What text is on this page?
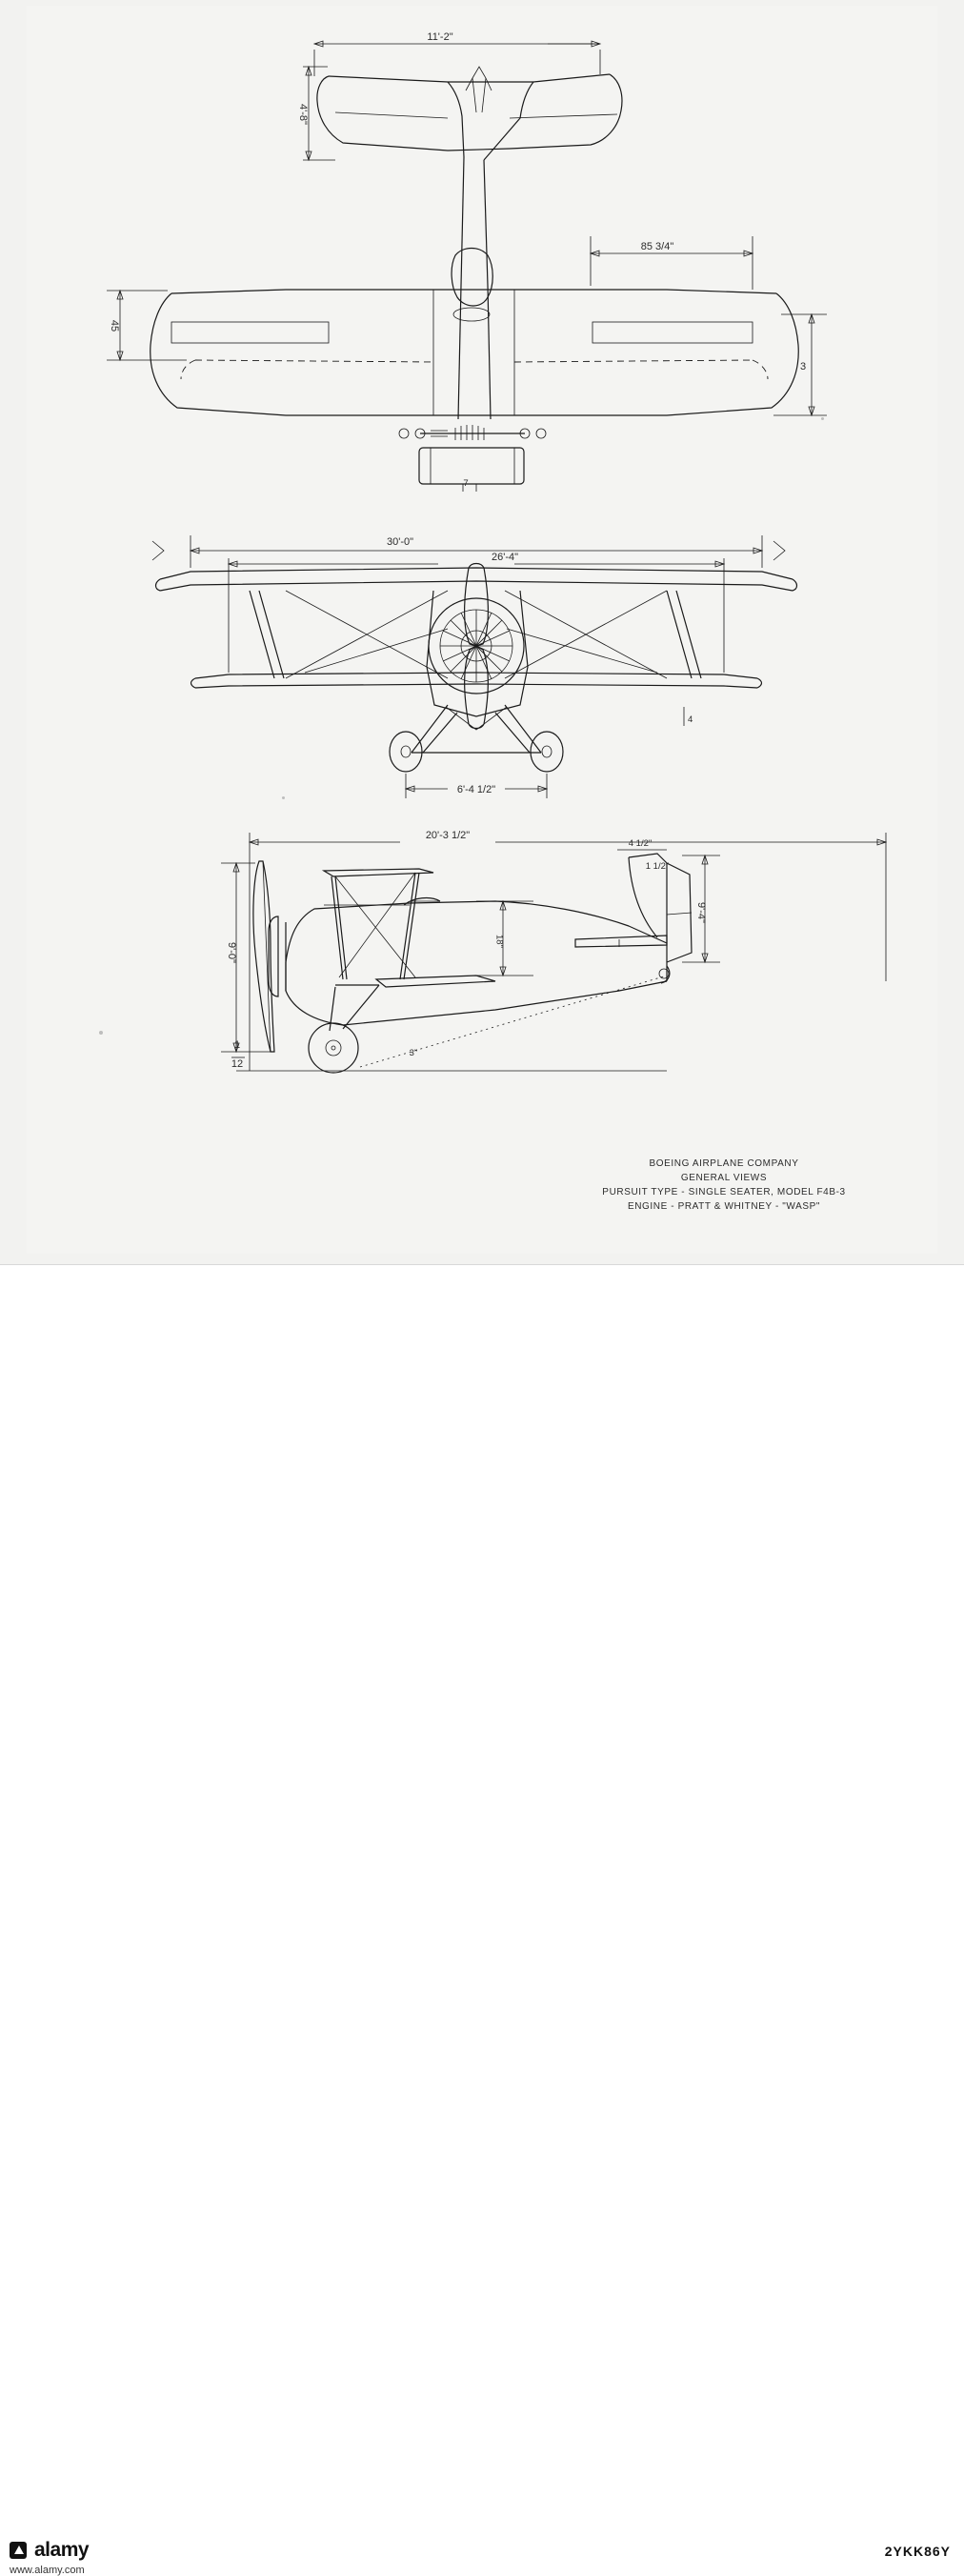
11'-2"
4'-8"
85 3/4"
45
3
7
30'-0"
26'-4"
6'-4 1/2"
4
20'-3 1/2"
9'-4"
4 1/2"
1 1/2"
9'-0"
18"
3"
1
12
BOEING AIRPLANE COMPANY
GENERAL VIEWS
PURSUIT TYPE - SINGLE SEATER, MODEL F4B-3
ENGINE - PRATT & WHITNEY - "WASP"
alamy
www.alamy.com
2YKK86Y
